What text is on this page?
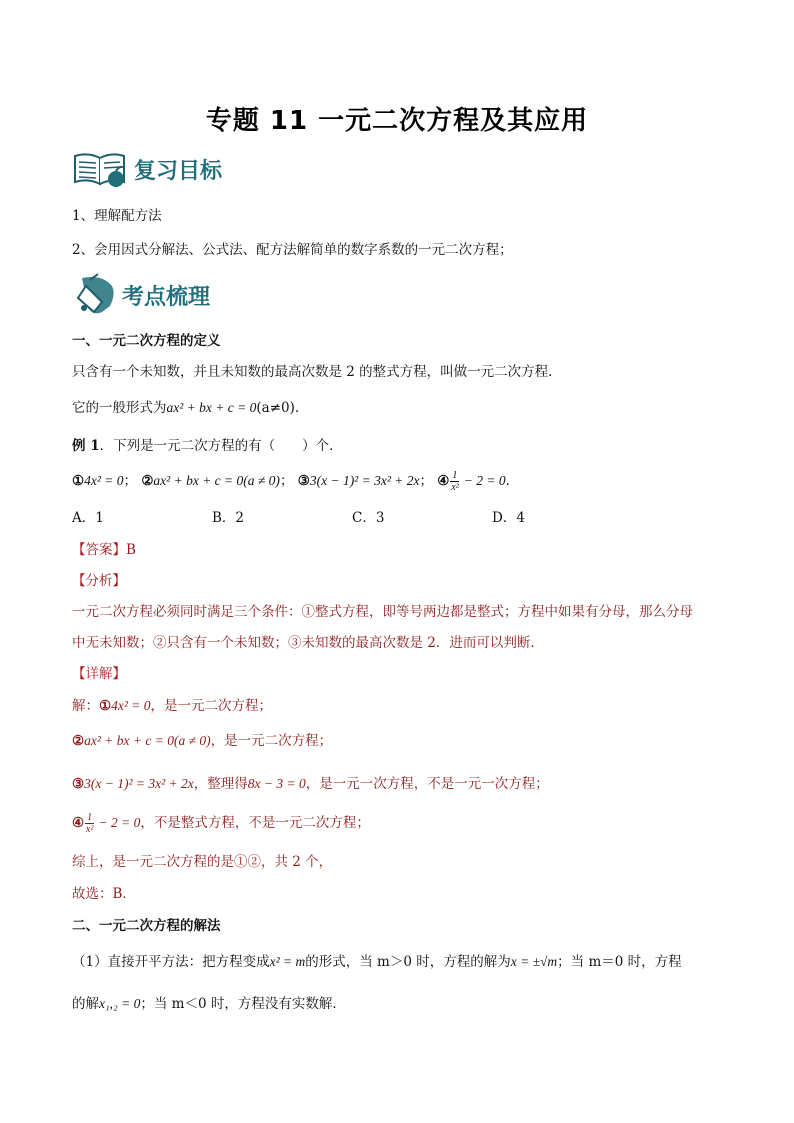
专题 11 一元二次方程及其应用
复习目标
1、理解配方法
2、会用因式分解法、公式法、配方法解简单的数字系数的一元二次方程；
考点梳理
一、一元二次方程的定义
只含有一个未知数，并且未知数的最高次数是 2 的整式方程，叫做一元二次方程．
它的一般形式为ax² + bx + c = 0(a≠0).
例 1．下列是一元二次方程的有（　　）个．
①4x² = 0； ②ax² + bx + c = 0(a ≠ 0)； ③3(x − 1)² = 3x² + 2x； ④ $\frac{1}{\text{x²}} - 2 = 0$．
A．1	B．2	C．3	D．4
【答案】B
【分析】
一元二次方程必须同时满足三个条件：①整式方程，即等号两边都是整式；方程中如果有分母，那么分母
中无未知数；②只含有一个未知数；③未知数的最高次数是 2．进而可以判断．
【详解】
解：①4x² = 0，是一元二次方程；
②ax² + bx + c = 0(a ≠ 0)，是一元二次方程；
③3(x − 1)² = 3x² + 2x，整理得8x − 3 = 0，是一元一次方程，不是一元一次方程；
④ $\frac{1}{\text{x²}} - 2 = 0$，不是整式方程，不是一元二次方程；
综上，是一元二次方程的是①②，共 2 个，
故选：B．
二、一元二次方程的解法
（1）直接开平方法：把方程变成x² = m的形式，当 m＞0 时，方程的解为x = ±√m；当 m＝0 时，方程
的解x₁,₂ = 0；当 m＜0 时，方程没有实数解．
